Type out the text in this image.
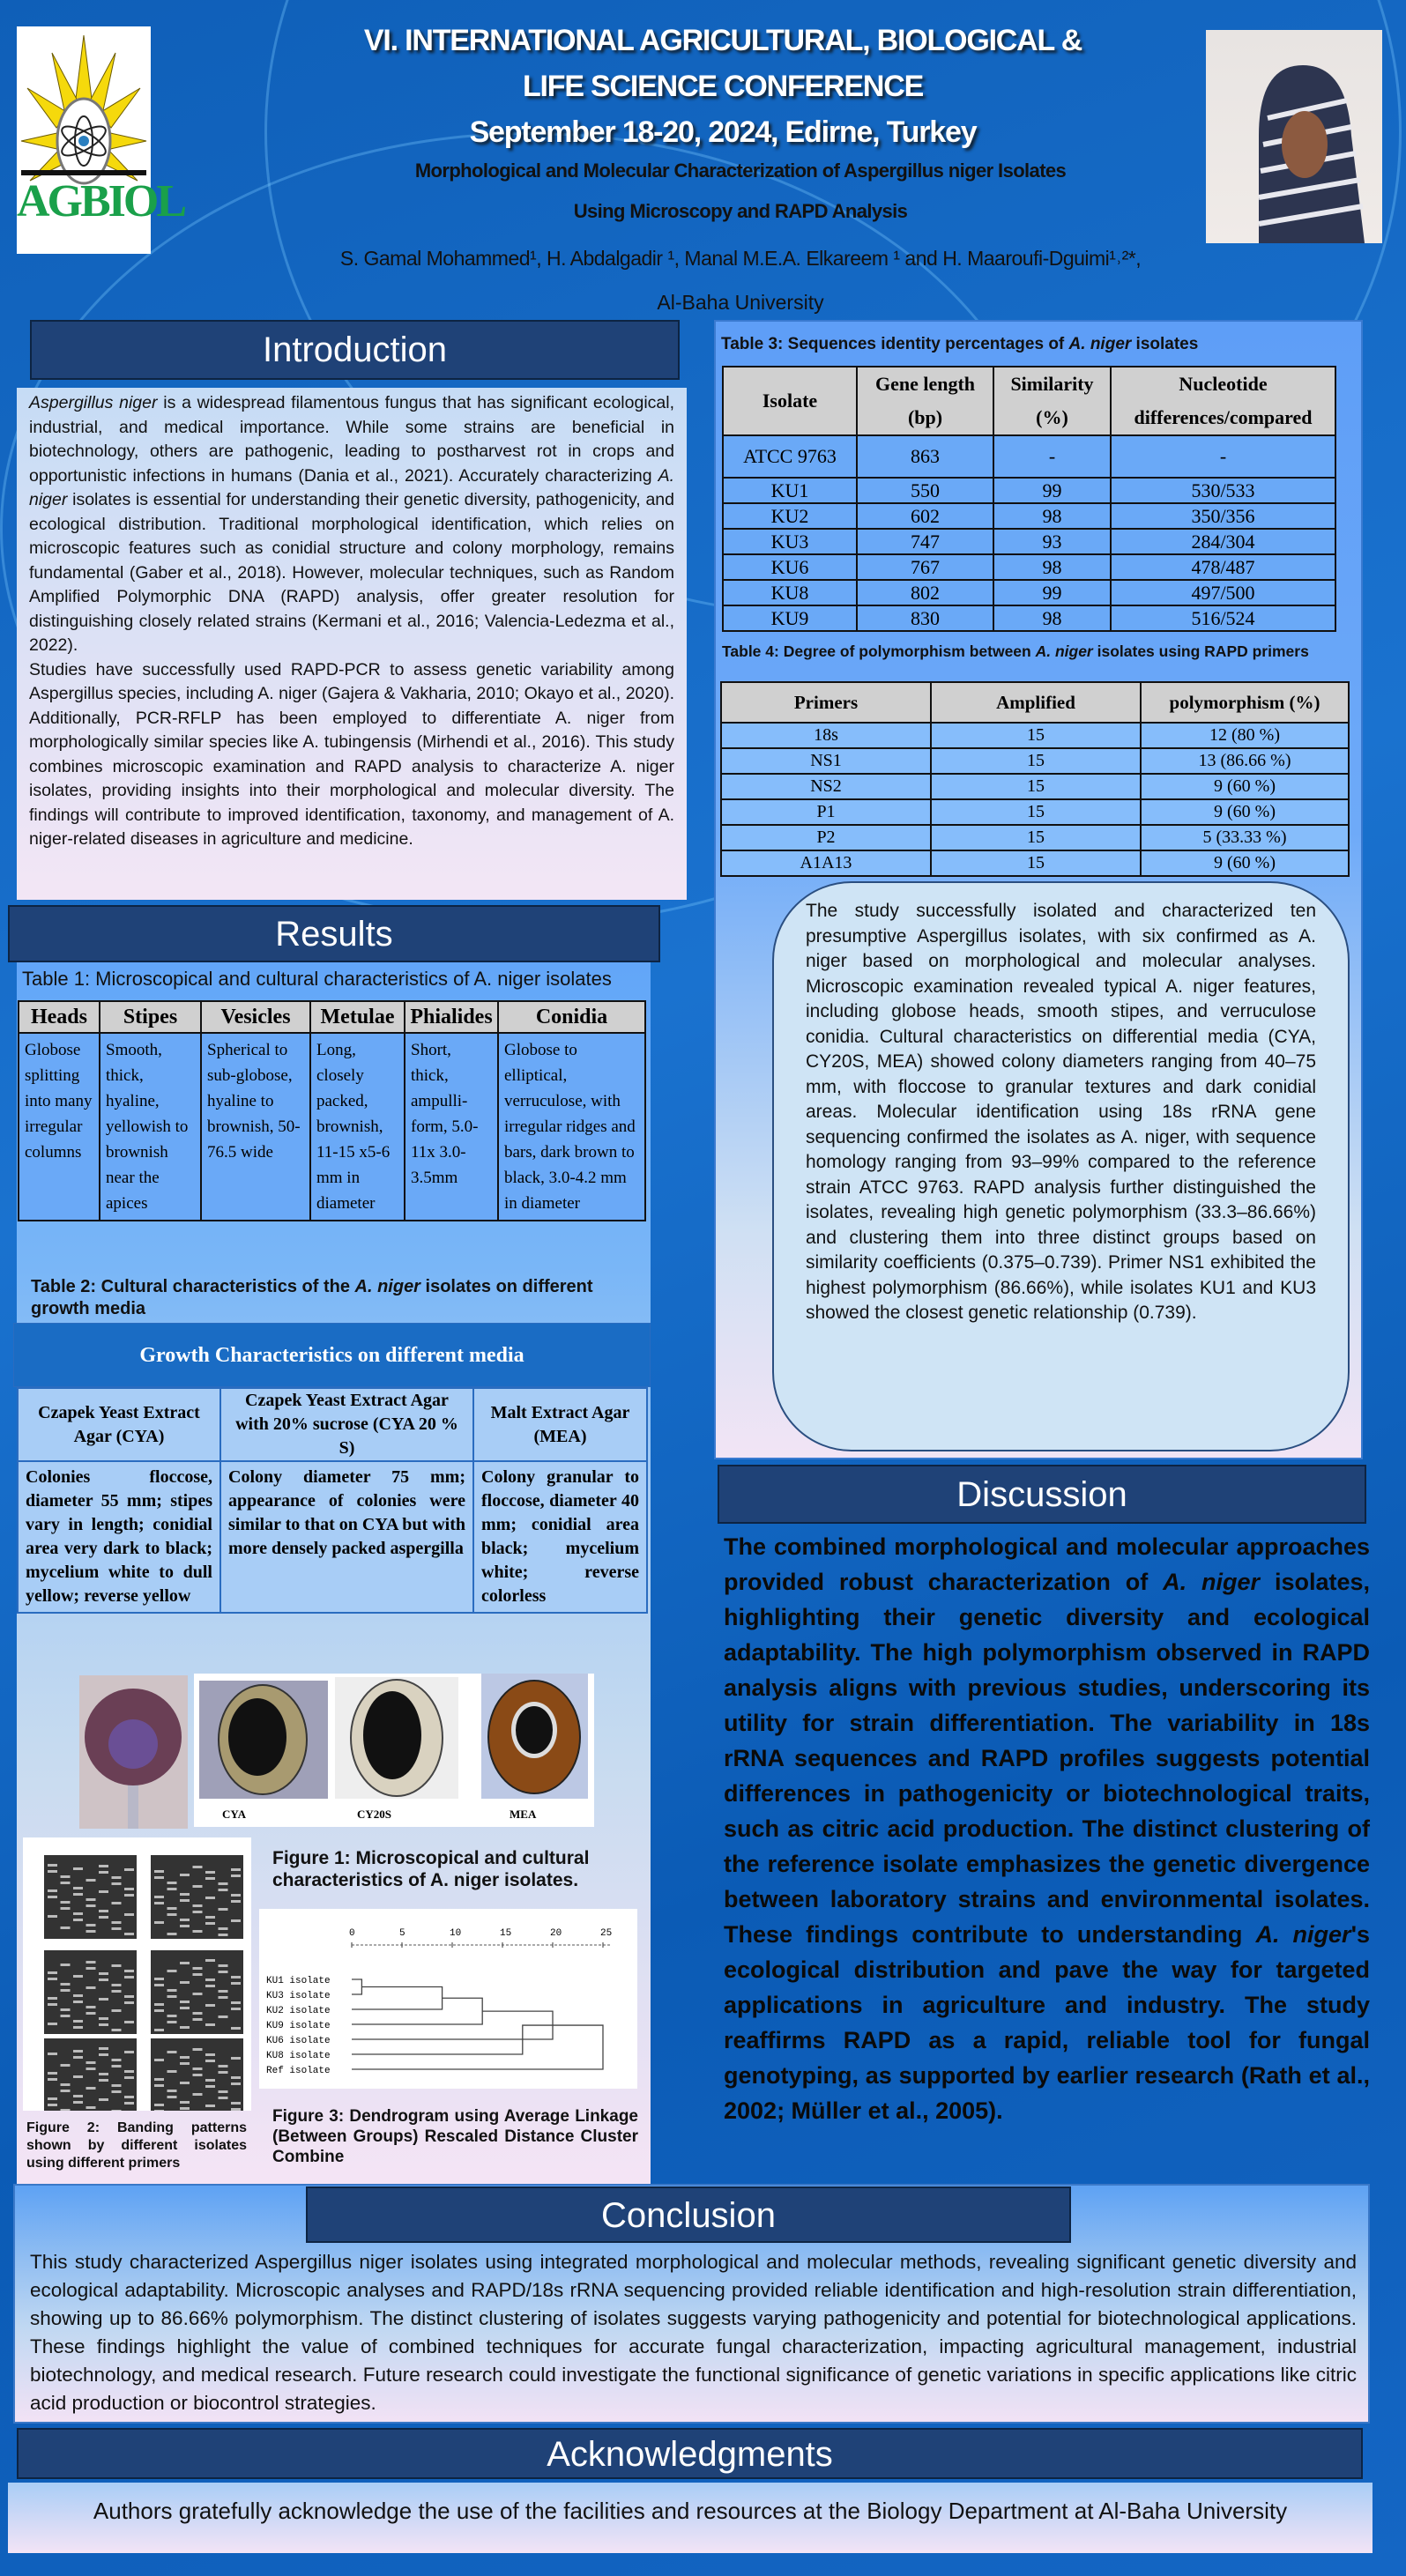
AGBIOL
VI. INTERNATIONAL AGRICULTURAL, BIOLOGICAL &
LIFE SCIENCE CONFERENCE
September 18-20, 2024, Edirne, Turkey
Morphological and Molecular Characterization of Aspergillus niger Isolates
Using Microscopy and RAPD Analysis
S. Gamal Mohammed¹, H. Abdalgadir ¹, Manal M.E.A. Elkareem ¹ and H. Maaroufi-Dguimi¹˒²*,
Al-Baha University
Introduction

Aspergillus niger is a widespread filamentous fungus that has significant ecological, industrial, and medical importance. While some strains are beneficial in biotechnology, others are pathogenic, leading to postharvest rot in crops and opportunistic infections in humans (Dania et al., 2021). Accurately characterizing A. niger isolates is essential for understanding their genetic diversity, pathogenicity, and ecological distribution. Traditional morphological identification, which relies on microscopic features such as conidial structure and colony morphology, remains fundamental (Gaber et al., 2018). However, molecular techniques, such as Random Amplified Polymorphic DNA (RAPD) analysis, offer greater resolution for distinguishing closely related strains (Kermani et al., 2016; Valencia-Ledezma et al., 2022).

Studies have successfully used RAPD-PCR to assess genetic variability among Aspergillus species, including A. niger (Gajera & Vakharia, 2010; Okayo et al., 2020). Additionally, PCR-RFLP has been employed to differentiate A. niger from morphologically similar species like A. tubingensis (Mirhendi et al., 2016). This study combines microscopic examination and RAPD analysis to characterize A. niger isolates, providing insights into their morphological and molecular diversity. The findings will contribute to improved identification, taxonomy, and management of A. niger-related diseases in agriculture and medicine.

Results
Table 1: Microscopical and cultural characteristics of A. niger isolates
Heads	Stipes	Vesicles	Metulae	Phialides	Conidia
Globose splitting into many irregular columns	Smooth, thick, hyaline, yellowish to brownish near the apices	Spherical to sub-globose, hyaline to brownish, 50-76.5 wide	Long, closely packed, brownish, 11-15 x5-6 mm in diameter	Short, thick, ampulli-form, 5.0-11x 3.0-3.5mm	Globose to elliptical, verruculose, with irregular ridges and bars, dark brown to black, 3.0-4.2 mm in diameter
Table 2: Cultural characteristics of the A. niger isolates on different growth media
Growth Characteristics on different media
Czapek Yeast Extract Agar (CYA)	Czapek Yeast Extract Agar with 20% sucrose (CYA 20 % S)	Malt Extract Agar (MEA)
Colonies floccose, diameter 55 mm; stipes vary in length; conidial area very dark to black; mycelium white to dull yellow; reverse yellow	Colony diameter 75 mm; appearance of colonies were similar to that on CYA but with more densely packed aspergilla	Colony granular to floccose, diameter 40 mm; conidial area black; mycelium white; reverse colorless
CYA	CY20S	MEA
Figure 1: Microscopical and cultural characteristics of A. niger isolates.
Figure 2: Banding patterns shown by different isolates using different primers
0	5	10	15	20	25
KU1 isolate
KU3 isolate
KU2 isolate
KU9 isolate
KU6 isolate
KU8 isolate
Ref isolate
Figure 3: Dendrogram using Average Linkage (Between Groups) Rescaled Distance Cluster Combine
Table 3: Sequences identity percentages of A. niger isolates
Isolate	Gene length (bp)	Similarity (%)	Nucleotide differences/compared
ATCC 9763	863	-	-
KU1	550	99	530/533
KU2	602	98	350/356
KU3	747	93	284/304
KU6	767	98	478/487
KU8	802	99	497/500
KU9	830	98	516/524
Table 4: Degree of polymorphism between A. niger isolates using RAPD primers
Primers	Amplified	polymorphism (%)
18s	15	12 (80 %)
NS1	15	13 (86.66 %)
NS2	15	9 (60 %)
P1	15	9 (60 %)
P2	15	5 (33.33 %)
A1A13	15	9 (60 %)

The study successfully isolated and characterized ten presumptive Aspergillus isolates, with six confirmed as A. niger based on morphological and molecular analyses. Microscopic examination revealed typical A. niger features, including globose heads, smooth stipes, and verruculose conidia. Cultural characteristics on differential media (CYA, CY20S, MEA) showed colony diameters ranging from 40–75 mm, with floccose to granular textures and dark conidial areas. Molecular identification using 18s rRNA gene sequencing confirmed the isolates as A. niger, with sequence homology ranging from 93–99% compared to the reference strain ATCC 9763. RAPD analysis further distinguished the isolates, revealing high genetic polymorphism (33.3–86.66%) and clustering them into three distinct groups based on similarity coefficients (0.375–0.739). Primer NS1 exhibited the highest polymorphism (86.66%), while isolates KU1 and KU3 showed the closest genetic relationship (0.739).

Discussion

The combined morphological and molecular approaches provided robust characterization of A. niger isolates, highlighting their genetic diversity and ecological adaptability. The high polymorphism observed in RAPD analysis aligns with previous studies, underscoring its utility for strain differentiation. The variability in 18s rRNA sequences and RAPD profiles suggests potential differences in pathogenicity or biotechnological traits, such as citric acid production. The distinct clustering of the reference isolate emphasizes the genetic divergence between laboratory strains and environmental isolates. These findings contribute to understanding A. niger's ecological distribution and pave the way for targeted applications in agriculture and industry. The study reaffirms RAPD as a rapid, reliable tool for fungal genotyping, as supported by earlier research (Rath et al., 2002; Müller et al., 2005).

Conclusion

This study characterized Aspergillus niger isolates using integrated morphological and molecular methods, revealing significant genetic diversity and ecological adaptability. Microscopic analyses and RAPD/18s rRNA sequencing provided reliable identification and high-resolution strain differentiation, showing up to 86.66% polymorphism. The distinct clustering of isolates suggests varying pathogenicity and potential for biotechnological applications. These findings highlight the value of combined techniques for accurate fungal characterization, impacting agricultural management, industrial biotechnology, and medical research. Future research could investigate the functional significance of genetic variations in specific applications like citric acid production or biocontrol strategies.

Acknowledgments
Authors gratefully acknowledge the use of the facilities and resources at the Biology Department at Al-Baha University
